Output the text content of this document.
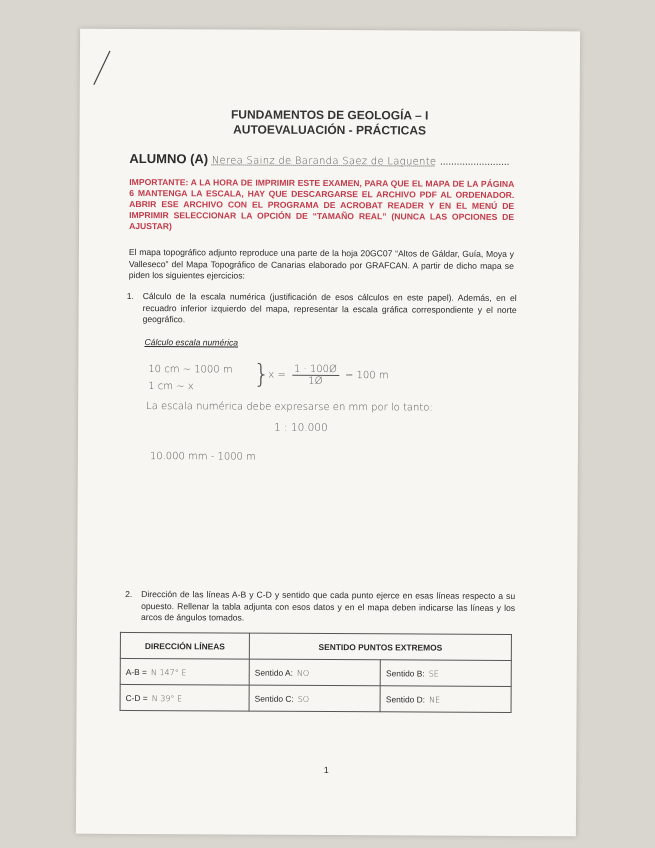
FUNDAMENTOS DE GEOLOGÍA – I
AUTOEVALUACIÓN - PRÁCTICAS
ALUMNO (A) Nerea Sainz de Baranda Saez de Laguente .........................
IMPORTANTE: A LA HORA DE IMPRIMIR ESTE EXAMEN, PARA QUE EL MAPA DE LA PÁGINA 6 MANTENGA LA ESCALA, HAY QUE DESCARGARSE EL ARCHIVO PDF AL ORDENADOR. ABRIR ESE ARCHIVO CON EL PROGRAMA DE ACROBAT READER Y EN EL MENÚ DE IMPRIMIR SELECCIONAR LA OPCIÓN DE “TAMAÑO REAL” (NUNCA LAS OPCIONES DE AJUSTAR)
El mapa topográfico adjunto reproduce una parte de la hoja 20GC07 “Altos de Gáldar, Guía, Moya y Valleseco” del Mapa Topográfico de Canarias elaborado por GRAFCAN. A partir de dicho mapa se piden los siguientes ejercicios:
1. Cálculo de la escala numérica (justificación de esos cálculos en este papel). Además, en el recuadro inferior izquierdo del mapa, representar la escala gráfica correspondiente y el norte geográfico.
Cálculo escala numérica
10 cm ~ 1000 m
1 cm ~ x }
$x = \frac{1 \cdot 100Ø}{1Ø} = 100$ m
La escala numérica debe expresarse en mm por lo tanto:
1 : 10.000
10.000 mm - 1000 m
2. Dirección de las líneas A-B y C-D y sentido que cada punto ejerce en esas líneas respecto a su opuesto. Rellenar la tabla adjunta con esos datos y en el mapa deben indicarse las líneas y los arcos de ángulos tomados.
DIRECCIÓN LÍNEAS	SENTIDO PUNTOS EXTREMOS	
A-B = N 147° E	Sentido A: NO	Sentido B: SE
C-D = N 39° E	Sentido C: SO	Sentido D: NE
1
